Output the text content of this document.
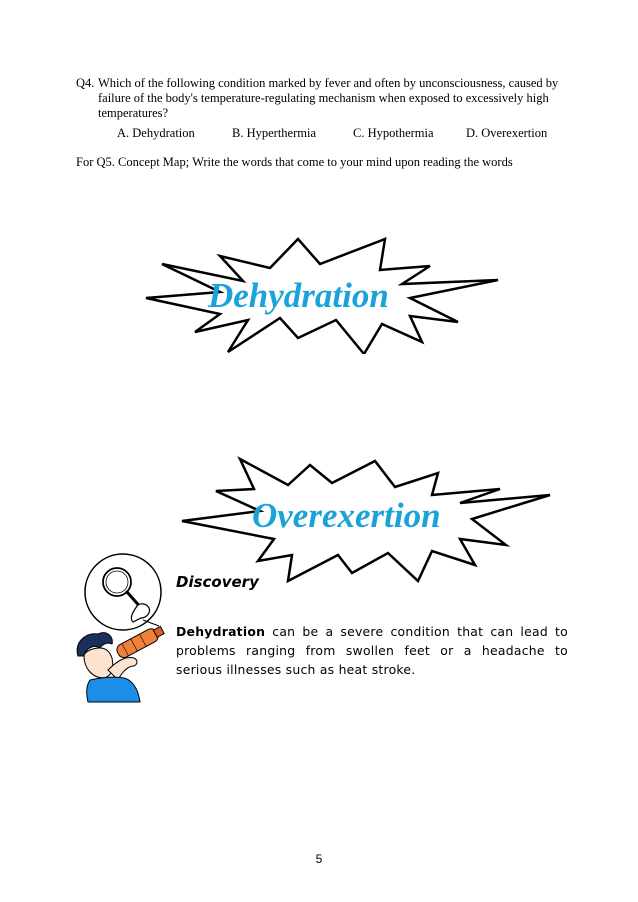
Q4. Which of the following condition marked by fever and often by unconsciousness, caused by failure of the body's temperature-regulating mechanism when exposed to excessively high temperatures?
A. Dehydration	B. Hyperthermia	C. Hypothermia	D. Overexertion
For Q5. Concept Map; Write the words that come to your mind upon reading the words
Dehydration
Overexertion
Discovery
Dehydration can be a severe condition that can lead to problems ranging from swollen feet or a headache to serious illnesses such as heat stroke.
5
